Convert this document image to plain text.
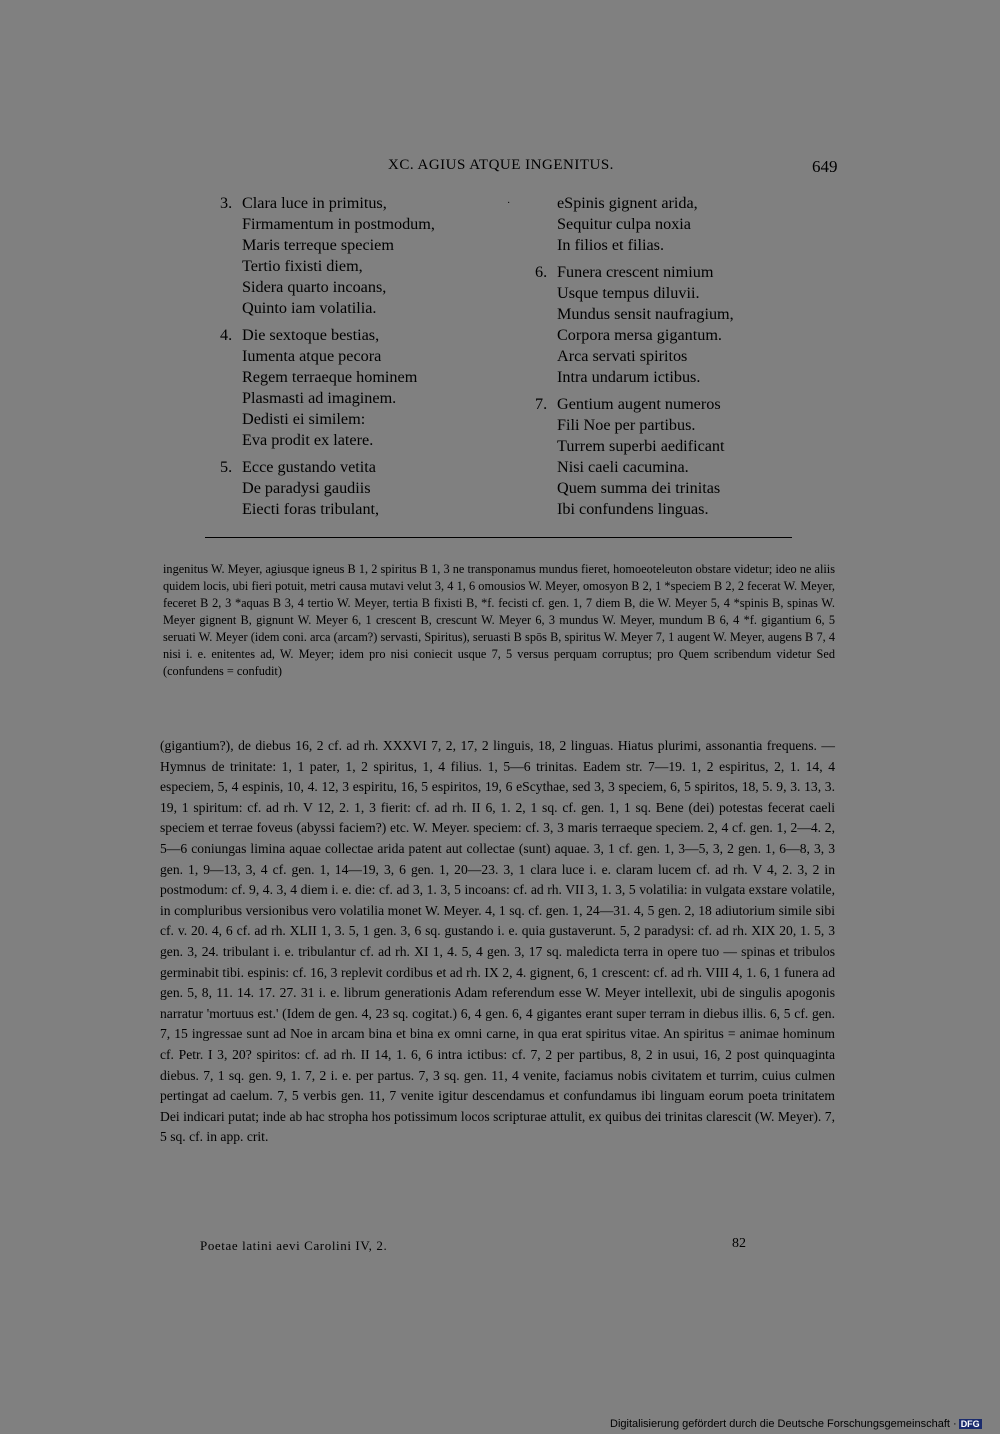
XC. AGIUS ATQUE INGENITUS.	649
3. Clara luce in primitus,
Firmamentum in postmodum,
Maris terreque speciem
Tertio fixisti diem,
Sidera quarto incoans,
Quinto iam volatilia.
4. Die sextoque bestias,
Iumenta atque pecora
Regem terraeque hominem
Plasmasti ad imaginem.
Dedisti ei similem:
Eva prodit ex latere.
5. Ecce gustando vetita
De paradysi gaudiis
Eiecti foras tribulant,
·	eSpinis gignent arida,
Sequitur culpa noxia
In filios et filias.
6. Funera crescent nimium
Usque tempus diluvii.
Mundus sensit naufragium,
Corpora mersa gigantum.
Arca servati spiritos
Intra undarum ictibus.
7. Gentium augent numeros
Fili Noe per partibus.
Turrem superbi aedificant
Nisi caeli cacumina.
Quem summa dei trinitas
Ibi confundens linguas.
ingenitus W. Meyer, agiusque igneus B 1, 2 spiritus B 1, 3 ne transponamus mundus fieret, homoeoteleuton obstare videtur; ideo ne aliis quidem locis, ubi fieri potuit, metri causa mutavi velut 3, 4 1, 6 omousios W. Meyer, omosyon B 2, 1 *speciem B 2, 2 fecerat W. Meyer, feceret B 2, 3 *aquas B 3, 4 tertio W. Meyer, tertia B fixisti B, *f. fecisti cf. gen. 1, 7 diem B, die W. Meyer 5, 4 *spinis B, spinas W. Meyer gignent B, gignunt W. Meyer 6, 1 crescent B, crescunt W. Meyer 6, 3 mundus W. Meyer, mundum B 6, 4 *f. gigantium 6, 5 seruati W. Meyer (idem coni. arca (arcam?) servasti, Spiritus), seruasti B spōs B, spiritus W. Meyer 7, 1 augent W. Meyer, augens B 7, 4 nisi i. e. enitentes ad, W. Meyer; idem pro nisi coniecit usque 7, 5 versus perquam corruptus; pro Quem scribendum videtur Sed (confundens = confudit)
(gigantium?), de diebus 16, 2 cf. ad rh. XXXVI 7, 2, 17, 2 linguis, 18, 2 linguas. Hiatus plurimi, assonantia frequens. — Hymnus de trinitate: 1, 1 pater, 1, 2 spiritus, 1, 4 filius. 1, 5—6 trinitas. Eadem str. 7—19. 1, 2 espiritus, 2, 1. 14, 4 especiem, 5, 4 espinis, 10, 4. 12, 3 espiritu, 16, 5 espiritos, 19, 6 eScythae, sed 3, 3 speciem, 6, 5 spiritos, 18, 5. 9, 3. 13, 3. 19, 1 spiritum: cf. ad rh. V 12, 2. 1, 3 fierit: cf. ad rh. II 6, 1. 2, 1 sq. cf. gen. 1, 1 sq. Bene (dei) potestas fecerat caeli speciem et terrae foveus (abyssi faciem?) etc. W. Meyer. speciem: cf. 3, 3 maris terraeque speciem. 2, 4 cf. gen. 1, 2—4. 2, 5—6 coniungas limina aquae collectae arida patent aut collectae (sunt) aquae. 3, 1 cf. gen. 1, 3—5, 3, 2 gen. 1, 6—8, 3, 3 gen. 1, 9—13, 3, 4 cf. gen. 1, 14—19, 3, 6 gen. 1, 20—23. 3, 1 clara luce i. e. claram lucem cf. ad rh. V 4, 2. 3, 2 in postmodum: cf. 9, 4. 3, 4 diem i. e. die: cf. ad 3, 1. 3, 5 incoans: cf. ad rh. VII 3, 1. 3, 5 volatilia: in vulgata exstare volatile, in compluribus versionibus vero volatilia monet W. Meyer. 4, 1 sq. cf. gen. 1, 24—31. 4, 5 gen. 2, 18 adiutorium simile sibi cf. v. 20. 4, 6 cf. ad rh. XLII 1, 3. 5, 1 gen. 3, 6 sq. gustando i. e. quia gustaverunt. 5, 2 paradysi: cf. ad rh. XIX 20, 1. 5, 3 gen. 3, 24. tribulant i. e. tribulantur cf. ad rh. XI 1, 4. 5, 4 gen. 3, 17 sq. maledicta terra in opere tuo — spinas et tribulos germinabit tibi. espinis: cf. 16, 3 replevit cordibus et ad rh. IX 2, 4. gignent, 6, 1 crescent: cf. ad rh. VIII 4, 1. 6, 1 funera ad gen. 5, 8, 11. 14. 17. 27. 31 i. e. librum generationis Adam referendum esse W. Meyer intellexit, ubi de singulis apogonis narratur 'mortuus est.' (Idem de gen. 4, 23 sq. cogitat.) 6, 4 gen. 6, 4 gigantes erant super terram in diebus illis. 6, 5 cf. gen. 7, 15 ingressae sunt ad Noe in arcam bina et bina ex omni carne, in qua erat spiritus vitae. An spiritus = animae hominum cf. Petr. I 3, 20? spiritos: cf. ad rh. II 14, 1. 6, 6 intra ictibus: cf. 7, 2 per partibus, 8, 2 in usui, 16, 2 post quinquaginta diebus. 7, 1 sq. gen. 9, 1. 7, 2 i. e. per partus. 7, 3 sq. gen. 11, 4 venite, faciamus nobis civitatem et turrim, cuius culmen pertingat ad caelum. 7, 5 verbis gen. 11, 7 venite igitur descendamus et confundamus ibi linguam eorum poeta trinitatem Dei indicari putat; inde ab hac stropha hos potissimum locos scripturae attulit, ex quibus dei trinitas clarescit (W. Meyer). 7, 5 sq. cf. in app. crit.
Poetae latini aevi Carolini IV, 2.	82
Digitalisierung gefördert durch die Deutsche Forschungsgemeinschaft · DFG
